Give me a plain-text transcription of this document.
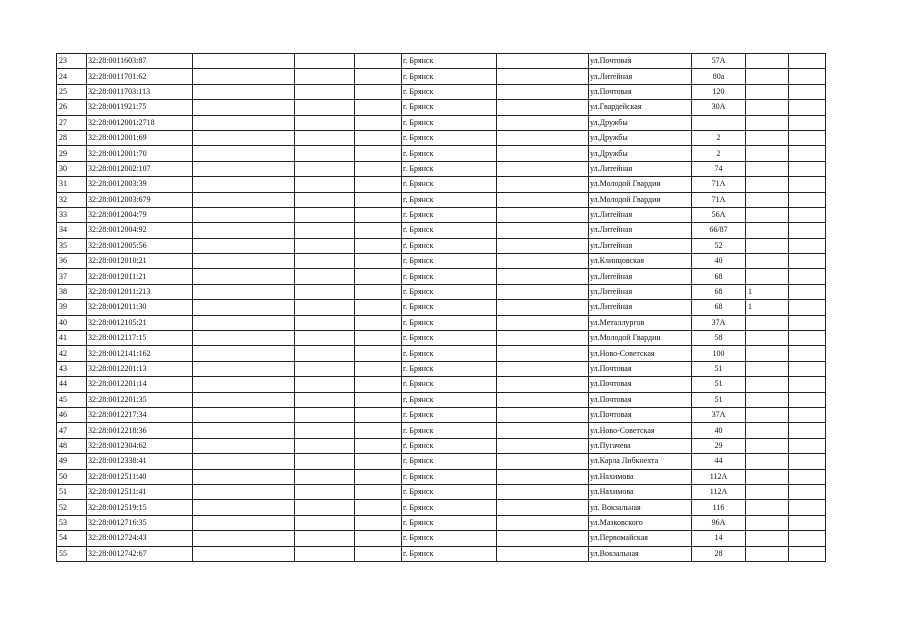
23	32:28:0011603:87				г. Брянск		ул.Почтовая	57А		
24	32:28:0011701:62				г. Брянск		ул.Литейная	80а		
25	32:28:0011703:113				г. Брянск		ул.Почтовая	120		
26	32:28:0011921:75				г. Брянск		ул.Гвардейская	30А		
27	32:28:0012001:2718				г. Брянск		ул.Дружбы			
28	32:28:0012001:69				г. Брянск		ул.Дружбы	2		
29	32:28:0012001:70				г. Брянск		ул.Дружбы	2		
30	32:28:0012002:107				г. Брянск		ул.Литейная	74		
31	32:28:0012003:39				г. Брянск		ул.Молодой Гвардии	71А		
32	32:28:0012003:679				г. Брянск		ул.Молодой Гвардии	71А		
33	32:28:0012004:79				г. Брянск		ул.Литейная	56А		
34	32:28:0012004:92				г. Брянск		ул.Литейная	66/87		
35	32:28:0012005:56				г. Брянск		ул.Литейная	52		
36	32:28:0012010:21				г. Брянск		ул.Клинцовская	40		
37	32:28:0012011:21				г. Брянск		ул.Литейная	68		
38	32:28:0012011:213				г. Брянск		ул.Литейная	68	1	
39	32:28:0012011:30				г. Брянск		ул.Литейная	68	1	
40	32:28:0012105:21				г. Брянск		ул.Металлургов	37А		
41	32:28:0012117:15				г. Брянск		ул.Молодой Гвардии	58		
42	32:28:0012141:162				г. Брянск		ул.Ново-Советская	100		
43	32:28:0012201:13				г. Брянск		ул.Почтовая	51		
44	32:28:0012201:14				г. Брянск		ул.Почтовая	51		
45	32:28:0012201:35				г. Брянск		ул.Почтовая	51		
46	32:28:0012217:34				г. Брянск		ул.Почтовая	37А		
47	32:28:0012218:36				г. Брянск		ул.Ново-Советская	40		
48	32:28:0012304:62				г. Брянск		ул.Пугачева	29		
49	32:28:0012338:41				г. Брянск		ул.Карла Либкнехта	44		
50	32:28:0012511:40				г. Брянск		ул.Нахимова	112А		
51	32:28:0012511:41				г. Брянск		ул.Нахимова	112А		
52	32:28:0012519:15				г. Брянск		ул. Вокзальная	116		
53	32:28:0012716:35				г. Брянск		ул.Мазковского	96А		
54	32:28:0012724:43				г. Брянск		ул.Первомайская	14		
55	32:28:0012742:67				г. Брянск		ул.Вокзальная	28		
